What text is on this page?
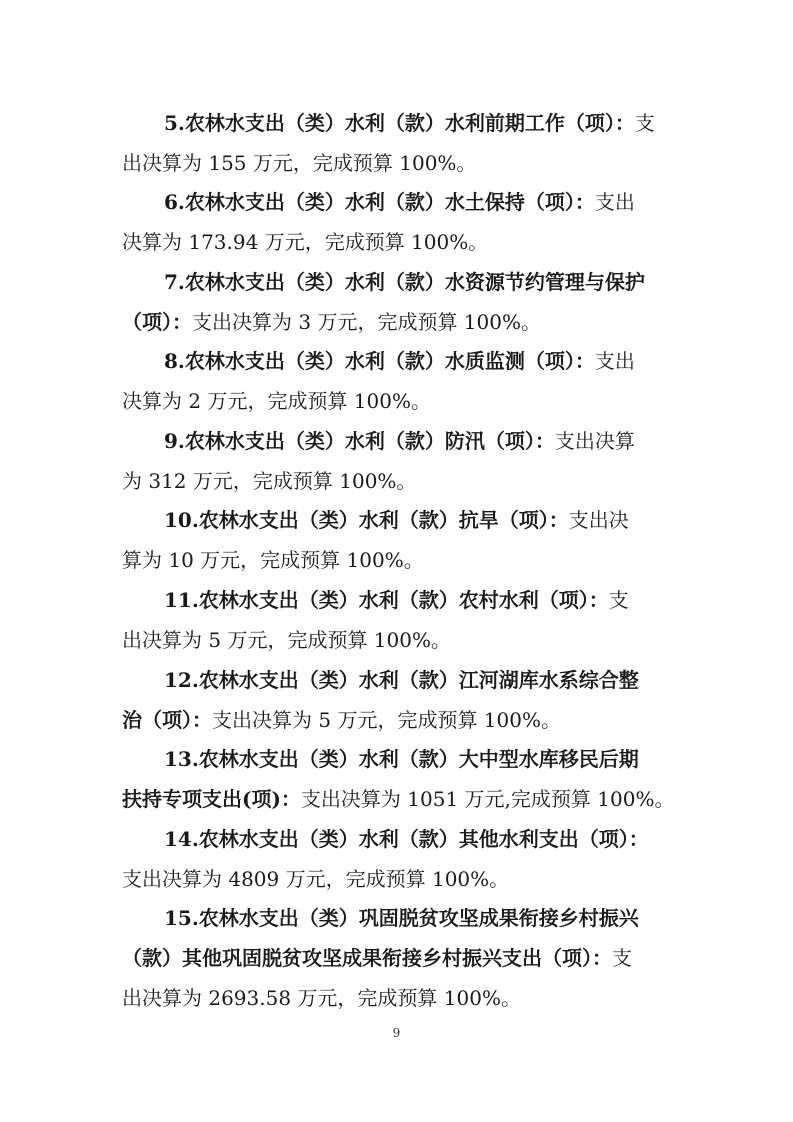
5.农林水支出（类）水利（款）水利前期工作（项）：支
出决算为 155 万元，完成预算 100%。
6.农林水支出（类）水利（款）水土保持（项）：支出
决算为 173.94 万元，完成预算 100%。
7.农林水支出（类）水利（款）水资源节约管理与保护
（项）：支出决算为 3 万元，完成预算 100%。
8.农林水支出（类）水利（款）水质监测（项）：支出
决算为 2 万元，完成预算 100%。
9.农林水支出（类）水利（款）防汛（项）：支出决算
为 312 万元，完成预算 100%。
10.农林水支出（类）水利（款）抗旱（项）：支出决
算为 10 万元，完成预算 100%。
11.农林水支出（类）水利（款）农村水利（项）：支
出决算为 5 万元，完成预算 100%。
12.农林水支出（类）水利（款）江河湖库水系综合整
治（项）：支出决算为 5 万元，完成预算 100%。
13.农林水支出（类）水利（款）大中型水库移民后期
扶持专项支出(项)：支出决算为 1051 万元,完成预算 100%。
14.农林水支出（类）水利（款）其他水利支出（项）：
支出决算为 4809 万元，完成预算 100%。
15.农林水支出（类）巩固脱贫攻坚成果衔接乡村振兴
（款）其他巩固脱贫攻坚成果衔接乡村振兴支出（项）：支
出决算为 2693.58 万元，完成预算 100%。
9
